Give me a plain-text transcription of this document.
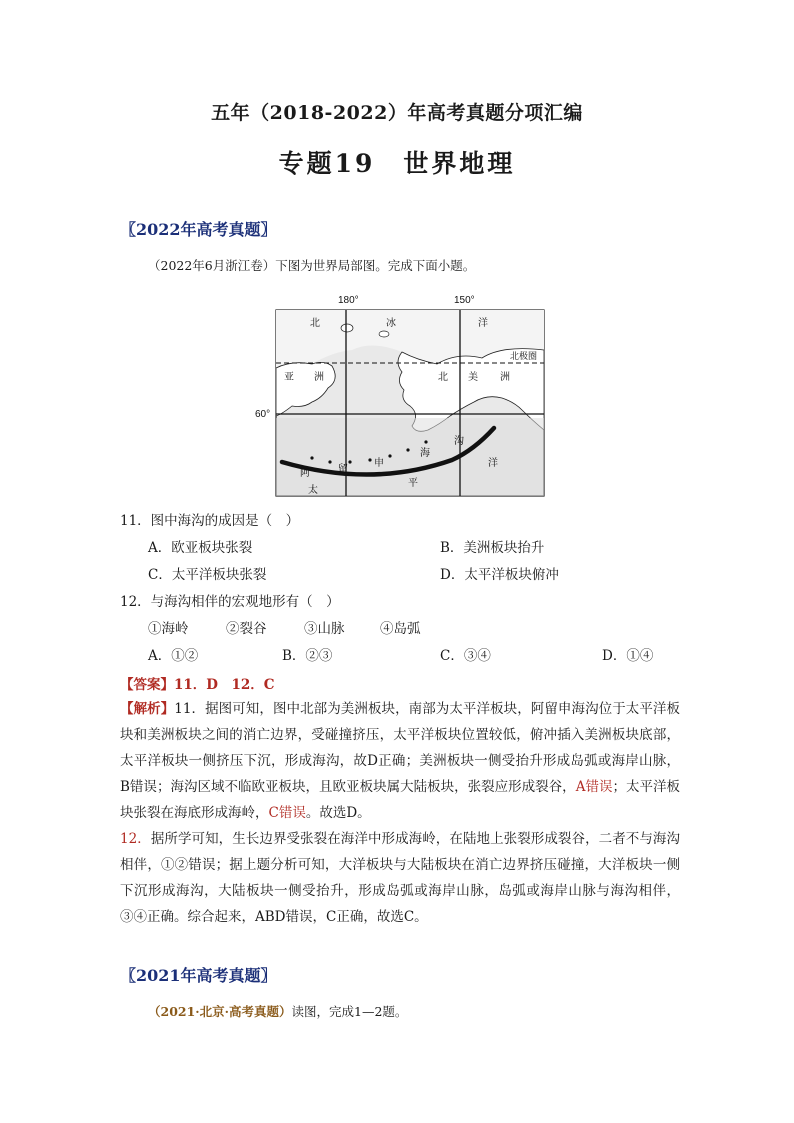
五年（2018-2022）年高考真题分项汇编
专题19　世界地理
〖2022年高考真题〗
（2022年6月浙江卷）下图为世界局部图。完成下面小题。
180°	150°
60°
北	冰	洋
北极圈
亚 洲	北 美 洲
阿	留
申
海
沟
洋
太
平
11．图中海沟的成因是（　）
A．欧亚板块张裂	B．美洲板块抬升
C．太平洋板块张裂	D．太平洋板块俯冲
12．与海沟相伴的宏观地形有（　）
①海岭	②裂谷	③山脉	④岛弧
A．①②	B．②③	C．③④	D．①④
【答案】11．D　12．C
【解析】11．据图可知，图中北部为美洲板块，南部为太平洋板块，阿留申海沟位于太平洋板块和美洲板块之间的消亡边界，受碰撞挤压，太平洋板块位置较低，俯冲插入美洲板块底部，太平洋板块一侧挤压下沉，形成海沟，故D正确；美洲板块一侧受抬升形成岛弧或海岸山脉，B错误；海沟区域不临欧亚板块，且欧亚板块属大陆板块，张裂应形成裂谷，A错误；太平洋板块张裂在海底形成海岭，C错误。故选D。
12．据所学可知，生长边界受张裂在海洋中形成海岭，在陆地上张裂形成裂谷，二者不与海沟相伴，①②错误；据上题分析可知，大洋板块与大陆板块在消亡边界挤压碰撞，大洋板块一侧下沉形成海沟，大陆板块一侧受抬升，形成岛弧或海岸山脉，岛弧或海岸山脉与海沟相伴，③④正确。综合起来，ABD错误，C正确，故选C。
〖2021年高考真题〗
（2021·北京·高考真题）读图，完成1—2题。
